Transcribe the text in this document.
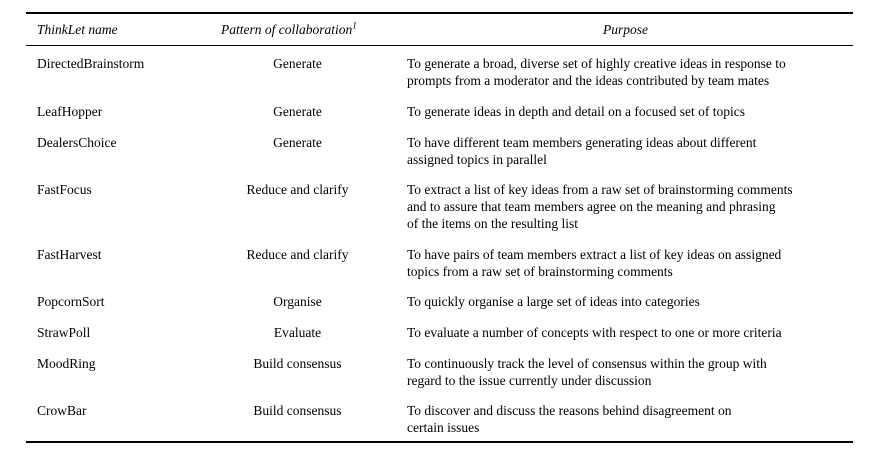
ThinkLet name	Pattern of collaboration$^1$	Purpose
DirectedBrainstorm	Generate	To generate a broad, diverse set of highly creative ideas in response to
prompts from a moderator and the ideas contributed by team mates
LeafHopper	Generate	To generate ideas in depth and detail on a focused set of topics
DealersChoice	Generate	To have different team members generating ideas about different
assigned topics in parallel
FastFocus	Reduce and clarify	To extract a list of key ideas from a raw set of brainstorming comments
and to assure that team members agree on the meaning and phrasing
of the items on the resulting list
FastHarvest	Reduce and clarify	To have pairs of team members extract a list of key ideas on assigned
topics from a raw set of brainstorming comments
PopcornSort	Organise	To quickly organise a large set of ideas into categories
StrawPoll	Evaluate	To evaluate a number of concepts with respect to one or more criteria
MoodRing	Build consensus	To continuously track the level of consensus within the group with
regard to the issue currently under discussion
CrowBar	Build consensus	To discover and discuss the reasons behind disagreement on
certain issues
